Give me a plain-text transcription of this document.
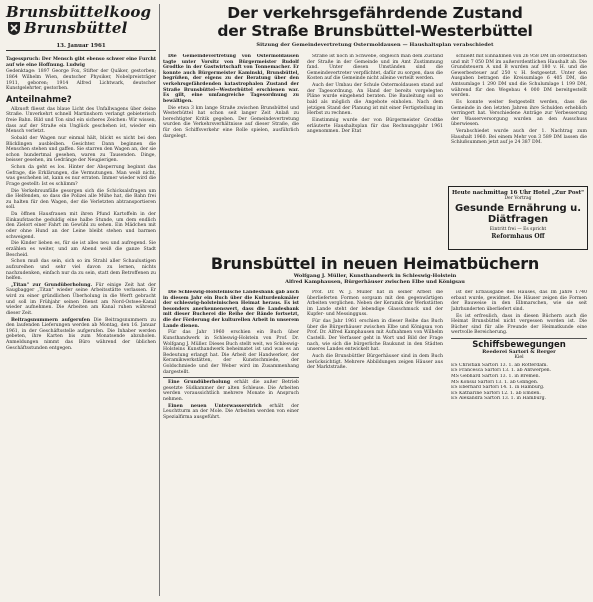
Brunsbüttelkoog
Brunsbüttel
13. Januar 1961

Tagesspruch: Der Mensch gibt ebenso schwer eine Furcht auf wie eine Hoffnung. Ludwig

Gedenktage: 1897 George Fox, Stifter der Quäker, gestorben; 1864 Wilhelm Wien, deutscher Physiker, Nobelpreisträger 1911, geboren; 1914 Alfred Lichtwark, deutscher Kunstgelehrter, gestorben.

Anteilnahme?

Allzuoft fliesst das blaue Licht des Unfallwagens über deine Straße. Unverkehrt schnell Martinshorn verlangt gebieterisch freie Bahn. Bild und Ton sind ein sicheres Zeichen: Wir wissen, dass auf der Straße ein Unglück geschehen ist, wieder ein Mensch verletzt.

Sobald der Wagen nur einmal hält, blickt es nicht bei den Blicklingen ausbleiben. Gesichter. Dann beginnen die Menschen stehen und gaffen. Sie starren den Wagen an, der sie schon hundertmal gesehen, waren zu Tausenden. Dinge, beisser gesehen, im Gedränge der Neugierigen.

Schon da geht es los. Hinter der Absperrung beginnt das Gefrage, die Erklärungen, die Vermutungen. Man weiß nicht, was geschehen ist, kann es nur erraten. Immer wieder wird die Frage gestellt: Ist es schlimm?

Die Verkehrsunfälle gesorgen sich die Schicksalsfragen um die Helfenden, so dass die Polizei alle Mühe hat, die Bahn frei zu halten für den Wagen, der die Verletzten abtransportieren soll.

Da öffnen Hausfrauen mit ihren Pfund Kartoffeln in der Einkaufstasche geduldig eine halbe Stunde, um dem endlich den Zielort einer Fahrt im Gewühl zu sehen. Ein Mädchen mit oder ohne Hund an der Leine bleibt stehen und barmen schweigend.

Die Kinder lieben es, für sie ist alles neu und aufregend. Sie erzählen es weiter, und am Abend weiß die ganze Stadt Bescheid.

Schon muß das sein, sich so im Strahl aller Schaulustigen aufzureihen und sehr viel davon zu lernen, nichts nachzudenken, einfach nur da zu sein, statt dem Betroffenen zu helfen.

„Titan" zur Grundüberholung. Für einige Zeit hat der Saugbagger „Titan" wieder seine Arbeitsstätte verlassen. Er wird zu einer gründlichen Überholung in die Werft gebracht und soll im Frühjahr seinen Dienst am Nord-Ostsee-Kanal wieder aufnehmen. Die Arbeiten am Kanal ruhen während dieser Zeit.

Beitragsnummern aufgerufen Die Beitragsnummern zu den laufenden Lieferungen werden ab Montag, den 16. Januar 1961, in der Geschäftsstelle aufgerufen. Die Inhaber werden gebeten, ihre Karten bis zum Monatsende abzuholen. Anmeldungen nimmt das Büro während der üblichen Geschäftsstunden entgegen.

Der verkehrsgefährdende Zustand
der Straße Brunsbüttel-Westerbüttel
Sitzung der Gemeindevertretung Ostermoldausen — Haushaltsplan verabschiedet

Die Gemeindevertretung von Ostermoldausen tagte unter Vorsitz von Bürgermeister Rudolf Grodtke in der Gastwirtschaft von Tonnemacher. Er konnte auch Bürgermeister Kaminski, Brunsbüttel, begrüßen, der eigens zu der Beratung über den verkehrsgefährdenden katastrophalen Zustand der Straße Brunsbüttel—Westerbüttel erschienen war. Es gilt, eine umfangreiche Tagesordnung zu bewältigen.

Die etwa 3 km lange Straße zwischen Brunsbüttel und Westerbüttel hat schon seit langer Zeit Anlaß zu berechtigter Kritik gegeben. Der Gemeindevertretung wurden die Verkehrsverhältnisse auf dieser Straße, die für den Schiffsverkehr eine Rolle spielen, ausführlich dargelegt.

Straße ist noch in Schwebe, obgleich man dem Zustand der Straße in der Gemeinde und im Amt Zustimmung fand. Unter diesen Umständen sind die Gemeindevertreter verpflichtet, dafür zu sorgen, dass die Kosten auf die Gemeinde nicht alleine verteilt werden.

Auch der Umbau der Schule Ostermoldausen stand auf der Tagesordnung. An Hand der bereits vorgelegten Pläne wurde eingehend beraten. Die Bauleitung soll so bald als möglich die Angebote einholen. Nach dem jetzigen Stand der Planung ist mit einer Fertigstellung im Herbst zu rechnen.

Einstimmig wurde der von Bürgermeister Grodtke erläuterte Haushaltsplan für das Rechnungsjahr 1961 angenommen. Der Etat

schließt mit Einnahmen von 26 958 DM im ordentlichen und mit 7 050 DM im außerordentlichen Haushalt ab. Die Grundsteuern A und B wurden auf 180 v. H. und die Gewerbesteuer auf 250 v. H. festgesetzt. Unter den Ausgaben betragen die Kreisumlage 6 405 DM, die Amtsumlage 1 290 DM und die Schulumlage 1 199 DM, während für den Wegebau 4 000 DM bereitgestellt werden.

Es konnte weiter festgestellt werden, dass die Gemeinde in den letzten Jahren ihre Schulden erheblich verringert hat. Verschiedene Anträge zur Verbesserung der Wasserversorgung wurden an den Ausschuss überwiesen.

Verabschiedet wurde auch der 1. Nachtrag zum Haushalt 1960. Bei einem Mehr von 3 589 DM lassen die Schlußsummen jetzt auf je 24 387 DM.

Heute nachmittag 16 Uhr Hotel „Zur Post"
Der Vortrag
Gesunde Ernährung u. Diätfragen
Eintritt frei — Es spricht
Reformhaus Off
Brunsbüttel in neuen Heimatbüchern
Wolfgang J. Müller, Kunsthandwerk in Schleswig-Holstein
Alfred Kamphausen, Bürgerhäuser zwischen Elbe und Königsau

Die Schleswig-Holsteinische Landesbank gab auch in diesem Jahr ein Buch über die Kulturdenkmäler der schleswig-holsteinischen Heimat heraus. Es ist besonders anerkennenswert, dass die Landesbank mit dieser Bucherei die Reihe der Bände fortsetzt, die der Förderung der kulturellen Arbeit in unserem Lande dienen.

Für das Jahr 1960 erschien ein Buch über Kunsthandwerk in Schleswig-Holstein von Prof. Dr. Wolfgang J. Müller. Dieses Buch stellt weit, wo Schleswig-Holsteins Kunsthandwerk beheimatet ist und was es an Bedeutung erlangt hat. Die Arbeit der Handwerker, der Keramikwerkstätten, der Kunstschmiede, der Goldschmiede und der Weber wird im Zusammenhang dargestellt.

Eine Grundüberholung erhält die außer Betrieb gesetzte Südkammer der alten Schleuse. Die Arbeiten werden voraussichtlich mehrere Monate in Anspruch nehmen.

Einen neuen Unterwasserstrich erhält der Leuchtturm an der Mole. Die Arbeiten werden von einer Spezialfirma ausgeführt.

Prof. Dr. W. J. Müller hat in seiner Arbeit die überlieferten Formen sorgsam mit den gegenwärtigen Arbeiten verglichen. Neben der Keramik der Werkstätten im Lande steht der lebendige Glasschmuck und der Kupfer- und Messingguss.

Für das Jahr 1961 erschien in dieser Reihe das Buch über die Bürgerhäuser zwischen Elbe und Königsau von Prof. Dr. Alfred Kamphausen mit Aufnahmen von Wilhelm Castelli. Der Verfasser geht in Wort und Bild der Frage nach, wie sich die bürgerliche Baukunst in den Städten unseres Landes entwickelt hat.

Auch die Brunsbüttler Bürgerhäuser sind in dem Buch berücksichtigt. Mehrere Abbildungen zeigen Häuser aus der Marktstraße.

ist der Erbausgabe des Hauses, das Im Jahre 1740 erbaut wurde, gewidmet. Die Häuser zeigen die Formen der Bauweise in den Elbmarschen, wie sie seit Jahrhunderten überliefert sind.

Es ist erfreulich, dass in diesen Büchern auch die Heimat Brunsbüttel nicht vergessen worden ist. Die Bücher sind für alle Freunde der Heimatkunde eine wertvolle Bereicherung.

Schiffsbewegungen
Reederei Sartori & Berger
Kiel
ES Christian Sartori 13. 1. ab Rotterdam.
ES Francesca Sartori 13. 1. ab Antwerpen.
MS Gebhard Sartori 13. 1. in Bremen.
MS Konsul Sartori 13. 1. ab Gdingen.
ES Eberhard Sartori 14. 1. in Hamburg.
ES Katharine Sartori 12. 1. ab Emden.
ES Alexandra Sartori 13. 1. in Hamburg.
